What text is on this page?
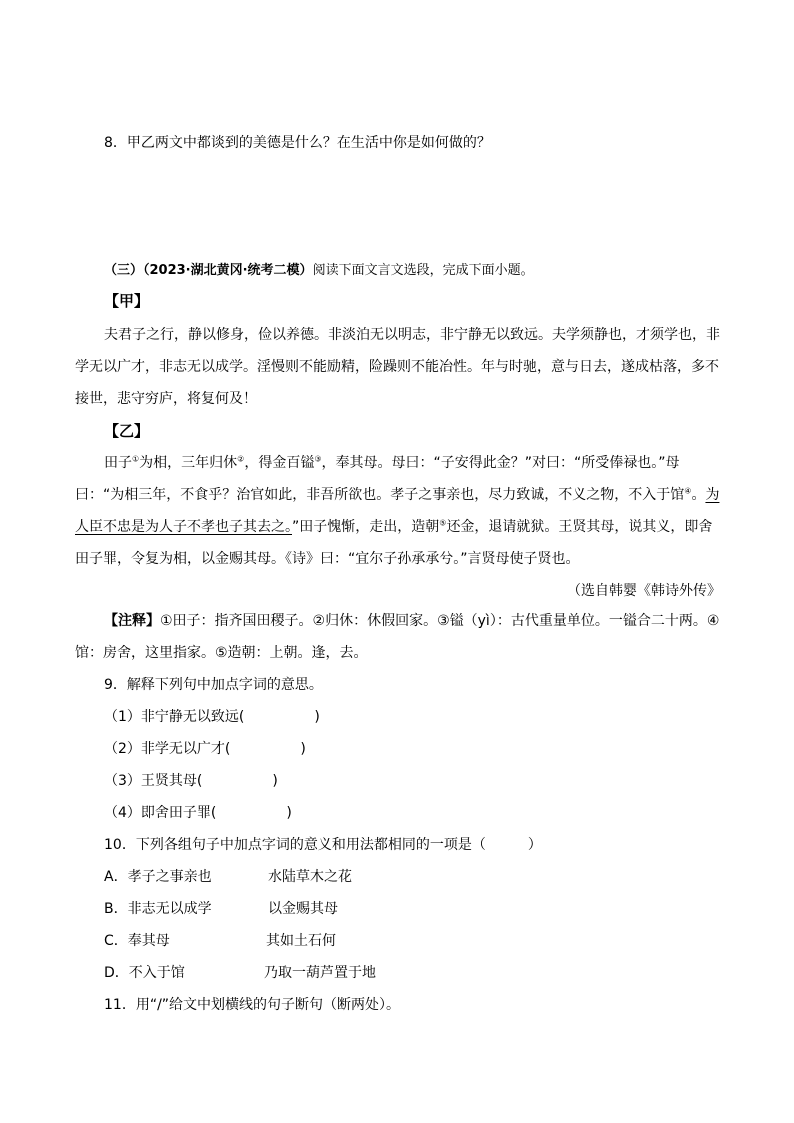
8．甲乙两文中都谈到的美德是什么？在生活中你是如何做的？
（三）（2023·湖北黄冈·统考二模）阅读下面文言文选段，完成下面小题。
【甲】
夫君子之行，静以修身，俭以养德。非淡泊无以明志，非宁静无以致远。夫学须静也，才须学也，非
学无以广才，非志无以成学。淫慢则不能励精，险躁则不能冶性。年与时驰，意与日去，遂成枯落，多不
接世，悲守穷庐，将复何及！
【乙】
田子①为相，三年归休②，得金百镒③，奉其母。母曰：“子安得此金？”对曰：“所受俸禄也。”母
曰：“为相三年，不食乎？治官如此，非吾所欲也。孝子之事亲也，尽力致诚，不义之物，不入于馆④。为
人臣不忠是为人子不孝也子其去之。”田子愧惭，走出，造朝⑤还金，退请就狱。王贤其母，说其义，即舍
田子罪，令复为相，以金赐其母。《诗》曰：“宜尔子孙承承兮。”言贤母使子贤也。
（选自韩婴《韩诗外传》
【注释】①田子：指齐国田稷子。②归休：休假回家。③镒（yì）：古代重量单位。一镒合二十两。④
馆：房舍，这里指家。⑤造朝：上朝。逢，去。
9．解释下列句中加点字词的意思。
（1）非宁静无以致远(　　　　　)
（2）非学无以广才(　　　　　)
（3）王贤其母(　　　　　)
（4）即舍田子罪(　　　　　)
10．下列各组句子中加点字词的意义和用法都相同的一项是（　　　）
A．孝子之事亲也	水陆草木之花
B．非志无以成学	以金赐其母
C．奉其母	其如土石何
D．不入于馆	乃取一葫芦置于地
11．用“/”给文中划横线的句子断句（断两处）。
